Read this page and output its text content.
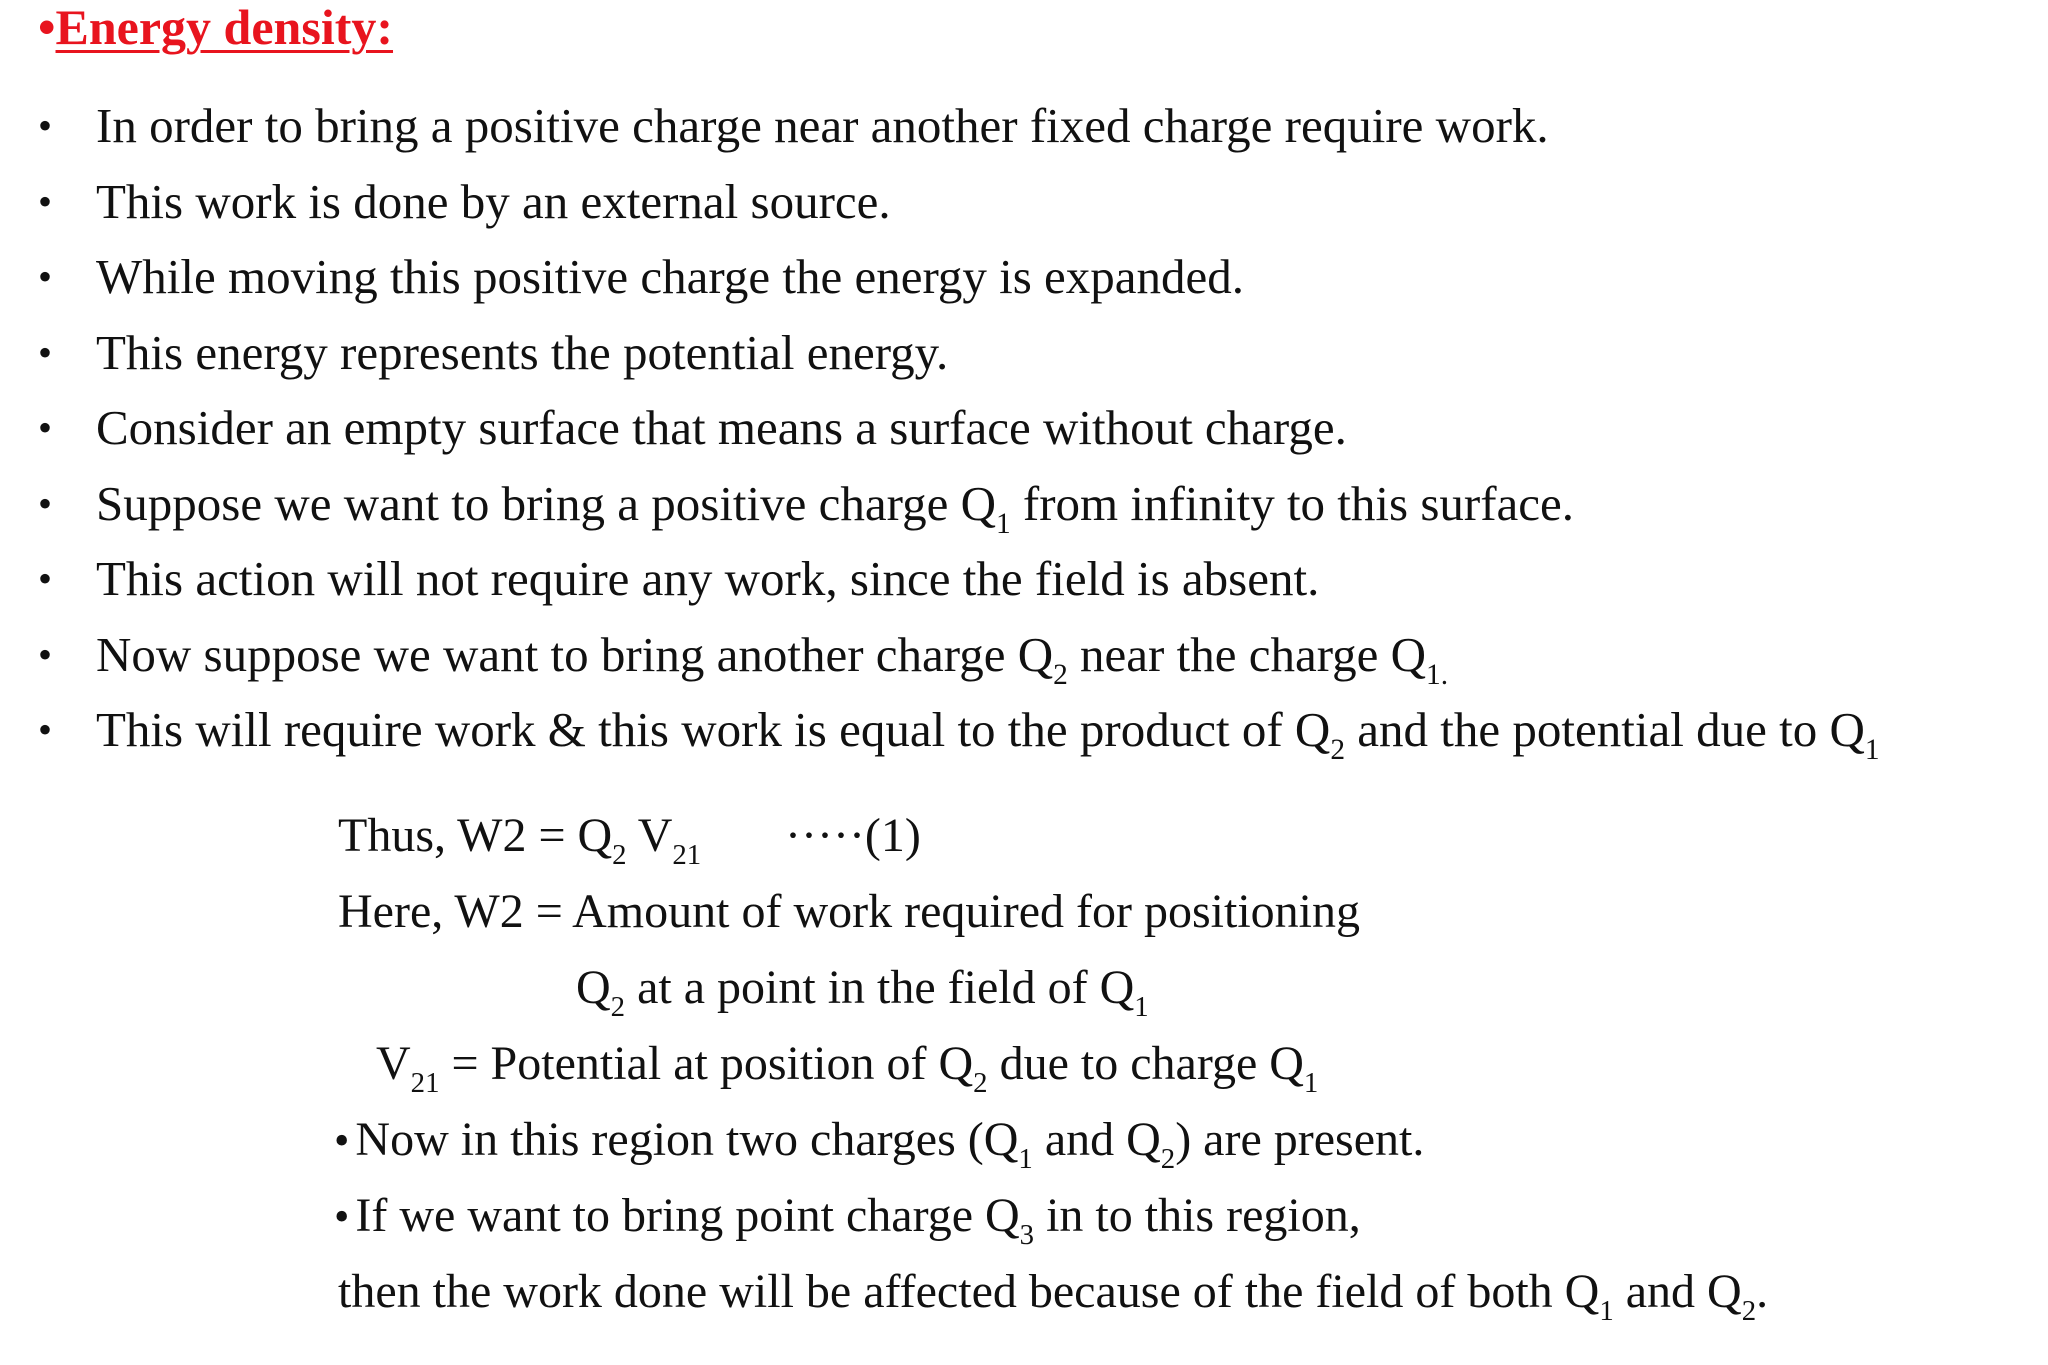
•Energy density:
• In order to bring a positive charge near another fixed charge require work.
• This work is done by an external source.
• While moving this positive charge the energy is expanded.
• This energy represents the potential energy.
• Consider an empty surface that means a surface without charge.
• Suppose we want to bring a positive charge $Q_1$ from infinity to this surface.
• This action will not require any work, since the field is absent.
• Now suppose we want to bring another charge $Q_2$ near the charge $Q_{1.}$
• This will require work & this work is equal to the product of $Q_2$ and the potential due to $Q_1$
Thus, $W2 = Q_2$ $V_{21} \cdot\cdot\cdot\cdot\cdot(1)$
Here, W2 = Amount of work required for positioning
$Q_2$ at a point in the field of $Q_1$
$V_{21}$ = Potential at position of $Q_2$ due to charge $Q_1$
• Now in this region two charges ($Q_1$ and $Q_2$) are present.
• If we want to bring point charge $Q_3$ in to this region,
then the work done will be affected because of the field of both $Q_1$ and $Q_2$.
